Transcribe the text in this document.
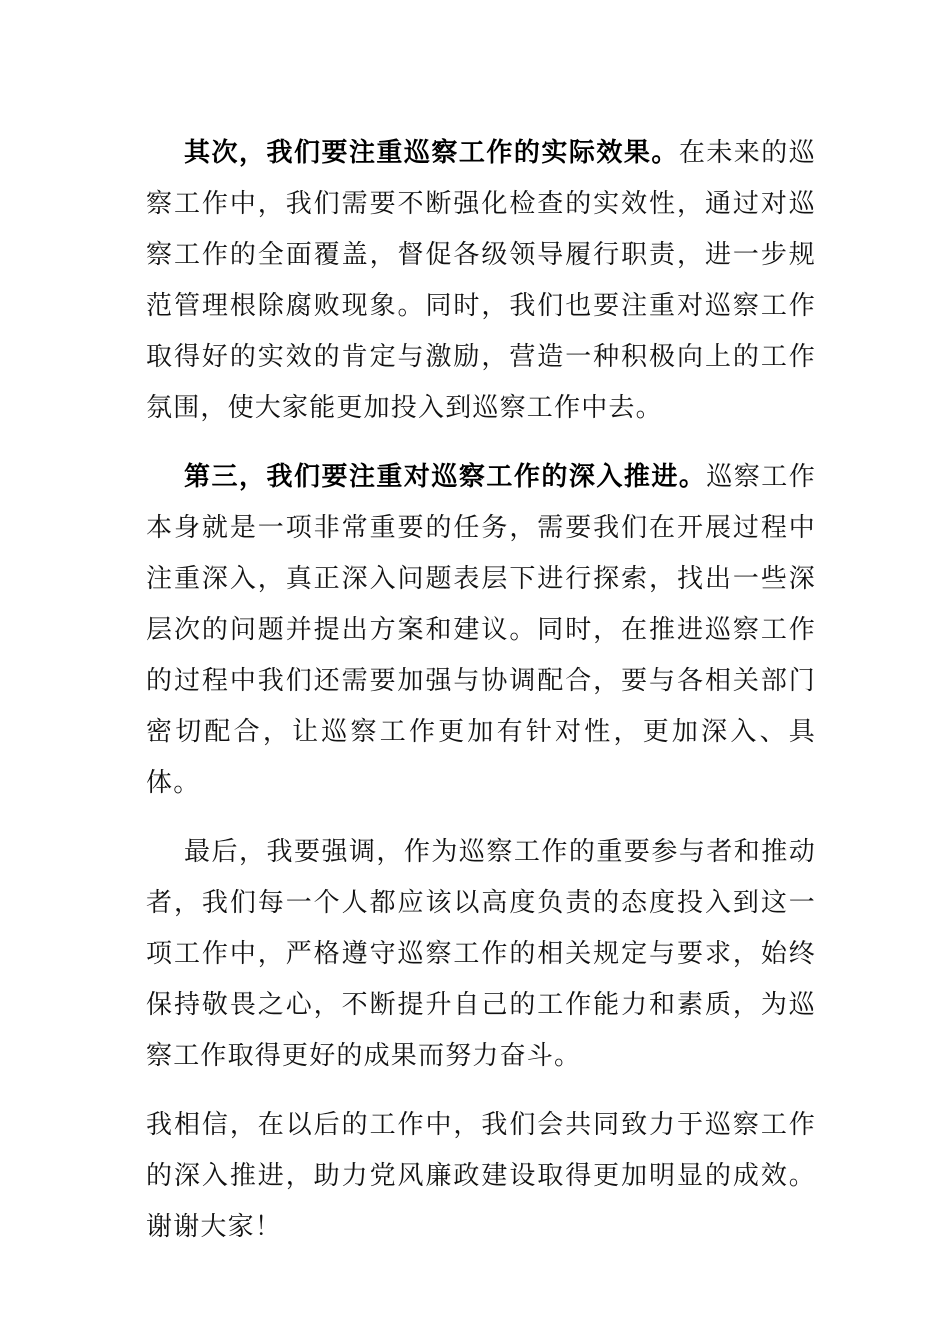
其次，我们要注重巡察工作的实际效果。在未来的巡察工作中，我们需要不断强化检查的实效性，通过对巡察工作的全面覆盖，督促各级领导履行职责，进一步规范管理根除腐败现象。同时，我们也要注重对巡察工作取得好的实效的肯定与激励，营造一种积极向上的工作氛围，使大家能更加投入到巡察工作中去。

第三，我们要注重对巡察工作的深入推进。巡察工作本身就是一项非常重要的任务，需要我们在开展过程中注重深入，真正深入问题表层下进行探索，找出一些深层次的问题并提出方案和建议。同时，在推进巡察工作的过程中我们还需要加强与协调配合，要与各相关部门密切配合，让巡察工作更加有针对性，更加深入、具体。

最后，我要强调，作为巡察工作的重要参与者和推动者，我们每一个人都应该以高度负责的态度投入到这一项工作中，严格遵守巡察工作的相关规定与要求，始终保持敬畏之心，不断提升自己的工作能力和素质，为巡察工作取得更好的成果而努力奋斗。

我相信，在以后的工作中，我们会共同致力于巡察工作的深入推进，助力党风廉政建设取得更加明显的成效。谢谢大家！
